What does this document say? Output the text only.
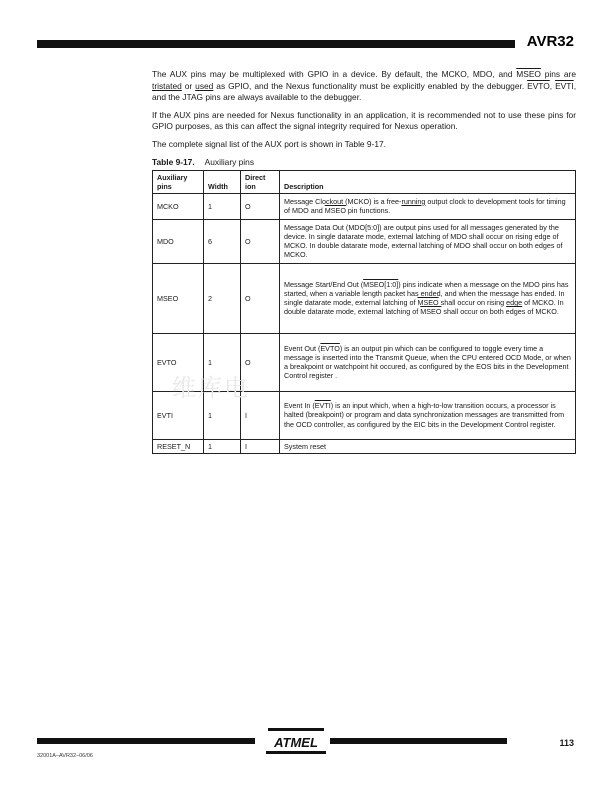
AVR32

The AUX pins may be multiplexed with GPIO in a device. By default, the MCKO, MDO, and MSEO pins are tristated or used as GPIO, and the Nexus functionality must be explicitly enabled by the debugger. EVTO, EVTI, and the JTAG pins are always available to the debugger.

If the AUX pins are needed for Nexus functionality in an application, it is recommended not to use these pins for GPIO purposes, as this can affect the signal integrity required for Nexus operation.

The complete signal list of the AUX port is shown in Table 9-17.

Table 9-17. Auxiliary pins
Auxiliary pins	Width	Direct ion	Description
MCKO	1	O	Message Clockout (MCKO) is a free-running output clock to development tools for timing of MDO and MSEO pin functions.
MDO	6	O	Message Data Out (MDO[5:0]) are output pins used for all messages generated by the device. In single datarate mode, external latching of MDO shall occur on rising edge of MCKO. In double datarate mode, external latching of MDO shall occur on both edges of MCKO.
MSEO	2	O	Message Start/End Out (MSEO[1:0]) pins indicate when a message on the MDO pins has started, when a variable length packet has ended, and when the message has ended. In single datarate mode, external latching of MSEO shall occur on rising edge of MCKO. In double datarate mode, external latching of MSEO shall occur on both edges of MCKO.
EVTO	1	O	Event Out (EVTO) is an output pin which can be configured to toggle every time a message is inserted into the Transmit Queue, when the CPU entered OCD Mode, or when a breakpoint or watchpoint hit occured, as configured by the EOS bits in the Development Control register .
EVTI	1	I	Event In (EVTI) is an input which, when a high-to-low transition occurs, a processor is halted (breakpoint) or program and data synchronization messages are transmitted from the OCD controller, as configured by the EIC bits in the Development Control register.
RESET_N	1	I	System reset
维库电
ATMEL
32001A–AVR32–06/06
113
